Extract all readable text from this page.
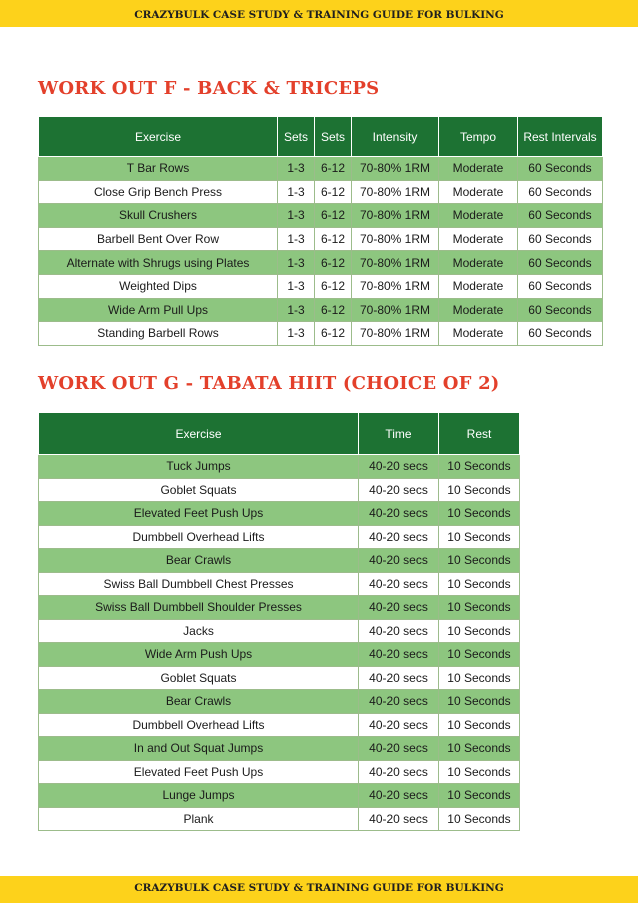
CRAZYBULK CASE STUDY & TRAINING GUIDE FOR BULKING
WORK OUT F - BACK & TRICEPS
Exercise	Sets	Sets	Intensity	Tempo	Rest Intervals
T Bar Rows	1-3	6-12	70-80% 1RM	Moderate	60 Seconds
Close Grip Bench Press	1-3	6-12	70-80% 1RM	Moderate	60 Seconds
Skull Crushers	1-3	6-12	70-80% 1RM	Moderate	60 Seconds
Barbell Bent Over Row	1-3	6-12	70-80% 1RM	Moderate	60 Seconds
Alternate with Shrugs using Plates	1-3	6-12	70-80% 1RM	Moderate	60 Seconds
Weighted Dips	1-3	6-12	70-80% 1RM	Moderate	60 Seconds
Wide Arm Pull Ups	1-3	6-12	70-80% 1RM	Moderate	60 Seconds
Standing Barbell Rows	1-3	6-12	70-80% 1RM	Moderate	60 Seconds
WORK OUT G - TABATA HIIT (CHOICE OF 2)
Exercise	Time	Rest
Tuck Jumps	40-20 secs	10 Seconds
Goblet Squats	40-20 secs	10 Seconds
Elevated Feet Push Ups	40-20 secs	10 Seconds
Dumbbell Overhead Lifts	40-20 secs	10 Seconds
Bear Crawls	40-20 secs	10 Seconds
Swiss Ball Dumbbell Chest Presses	40-20 secs	10 Seconds
Swiss Ball Dumbbell Shoulder Presses	40-20 secs	10 Seconds
Jacks	40-20 secs	10 Seconds
Wide Arm Push Ups	40-20 secs	10 Seconds
Goblet Squats	40-20 secs	10 Seconds
Bear Crawls	40-20 secs	10 Seconds
Dumbbell Overhead Lifts	40-20 secs	10 Seconds
In and Out Squat Jumps	40-20 secs	10 Seconds
Elevated Feet Push Ups	40-20 secs	10 Seconds
Lunge Jumps	40-20 secs	10 Seconds
Plank	40-20 secs	10 Seconds
CRAZYBULK CASE STUDY & TRAINING GUIDE FOR BULKING
